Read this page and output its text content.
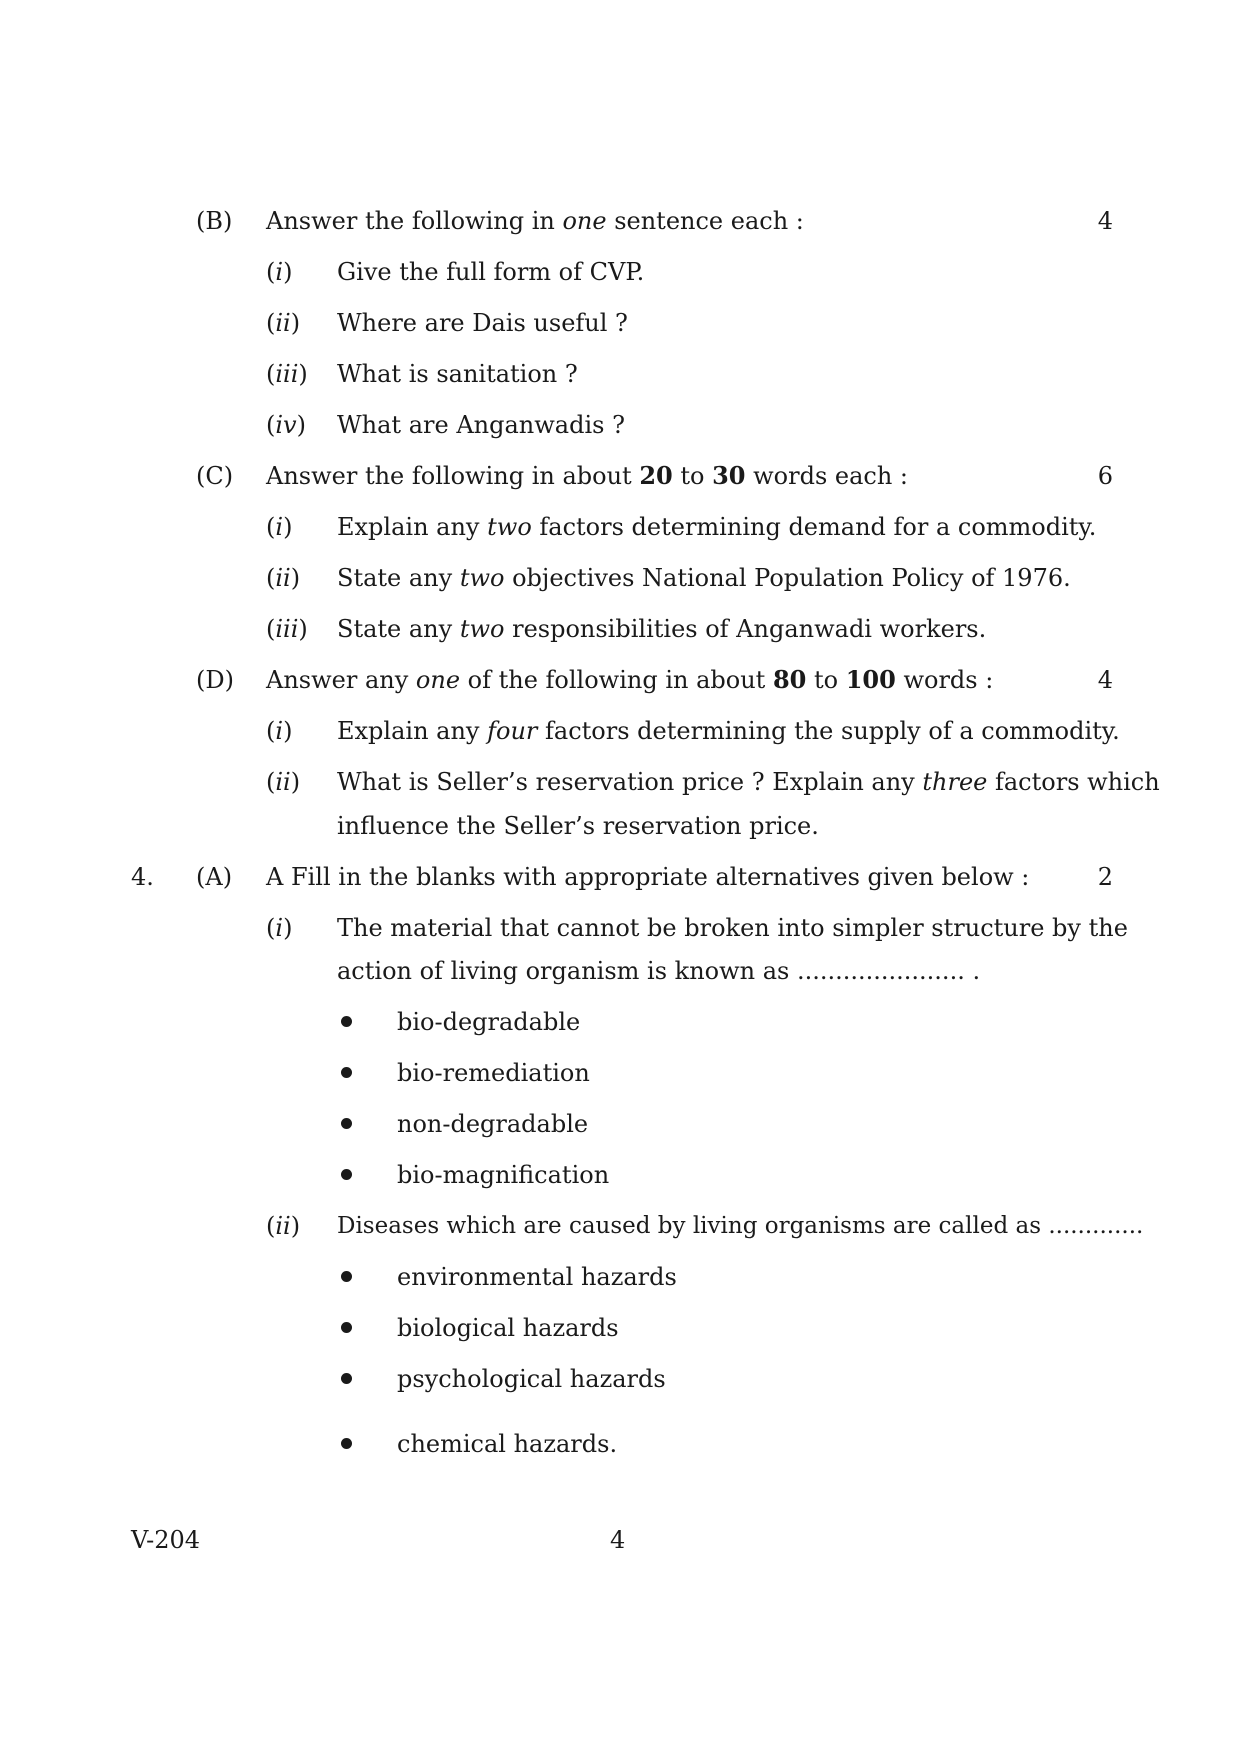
(B) Answer the following in one sentence each :	4
(i) Give the full form of CVP.
(ii) Where are Dais useful ?
(iii) What is sanitation ?
(iv) What are Anganwadis ?
(C) Answer the following in about 20 to 30 words each :	6
(i) Explain any two factors determining demand for a commodity.
(ii) State any two objectives National Population Policy of 1976.
(iii) State any two responsibilities of Anganwadi workers.
(D) Answer any one of the following in about 80 to 100 words :	4
(i) Explain any four factors determining the supply of a commodity.
(ii) What is Seller’s reservation price ? Explain any three factors which
influence the Seller’s reservation price.
4. (A) A Fill in the blanks with appropriate alternatives given below :	2
(i) The material that cannot be broken into simpler structure by the
action of living organism is known as ...................... .
bio-degradable
bio-remediation
non-degradable
bio-magnification
(ii) Diseases which are caused by living organisms are called as .............
environmental hazards
biological hazards
psychological hazards
chemical hazards.
V-204	4
